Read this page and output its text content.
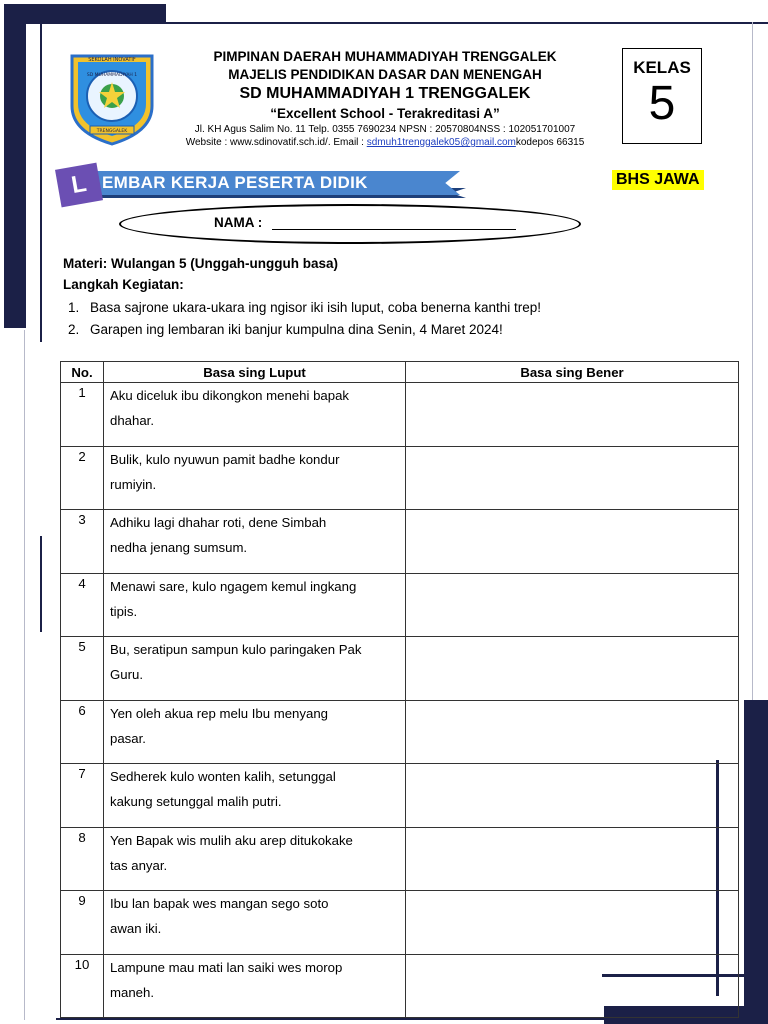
SEKOLAH INOVATIF
SD MUHAMMADIYAH 1
TRENGGALEK
PIMPINAN DAERAH MUHAMMADIYAH TRENGGALEK
MAJELIS PENDIDIKAN DASAR DAN MENENGAH
SD MUHAMMADIYAH 1 TRENGGALEK
“Excellent School - Terakreditasi A”
Jl. KH Agus Salim No. 11 Telp. 0355 7690234 NPSN : 20570804NSS : 102051701007
Website : www.sdinovatif.sch.id/. Email : sdmuh1trenggalek05@gmail.comkodepos 66315
KELAS
5
L EMBAR KERJA PESERTA DIDIK	BHS JAWA
NAMA :
Materi: Wulangan 5 (Unggah-ungguh basa)
Langkah Kegiatan:
1. Basa sajrone ukara-ukara ing ngisor iki isih luput, coba benerna kanthi trep!
2. Garapen ing lembaran iki banjur kumpulna dina Senin, 4 Maret 2024!
No.	Basa sing Luput	Basa sing Bener
1	Aku diceluk ibu dikongkon menehi bapak
dhahar.	

2	Bulik, kulo nyuwun pamit badhe kondur
rumiyin.	

3	Adhiku lagi dhahar roti, dene Simbah
nedha jenang sumsum.	

4	Menawi sare, kulo ngagem kemul ingkang
tipis.	

5	Bu, seratipun sampun kulo paringaken Pak
Guru.	

6	Yen oleh akua rep melu Ibu menyang
pasar.	

7	Sedherek kulo wonten kalih, setunggal
kakung setunggal malih putri.	

8	Yen Bapak wis mulih aku arep ditukokake
tas anyar.	

9	Ibu lan bapak wes mangan sego soto
awan iki.	

10	Lampune mau mati lan saiki wes morop
maneh.	
